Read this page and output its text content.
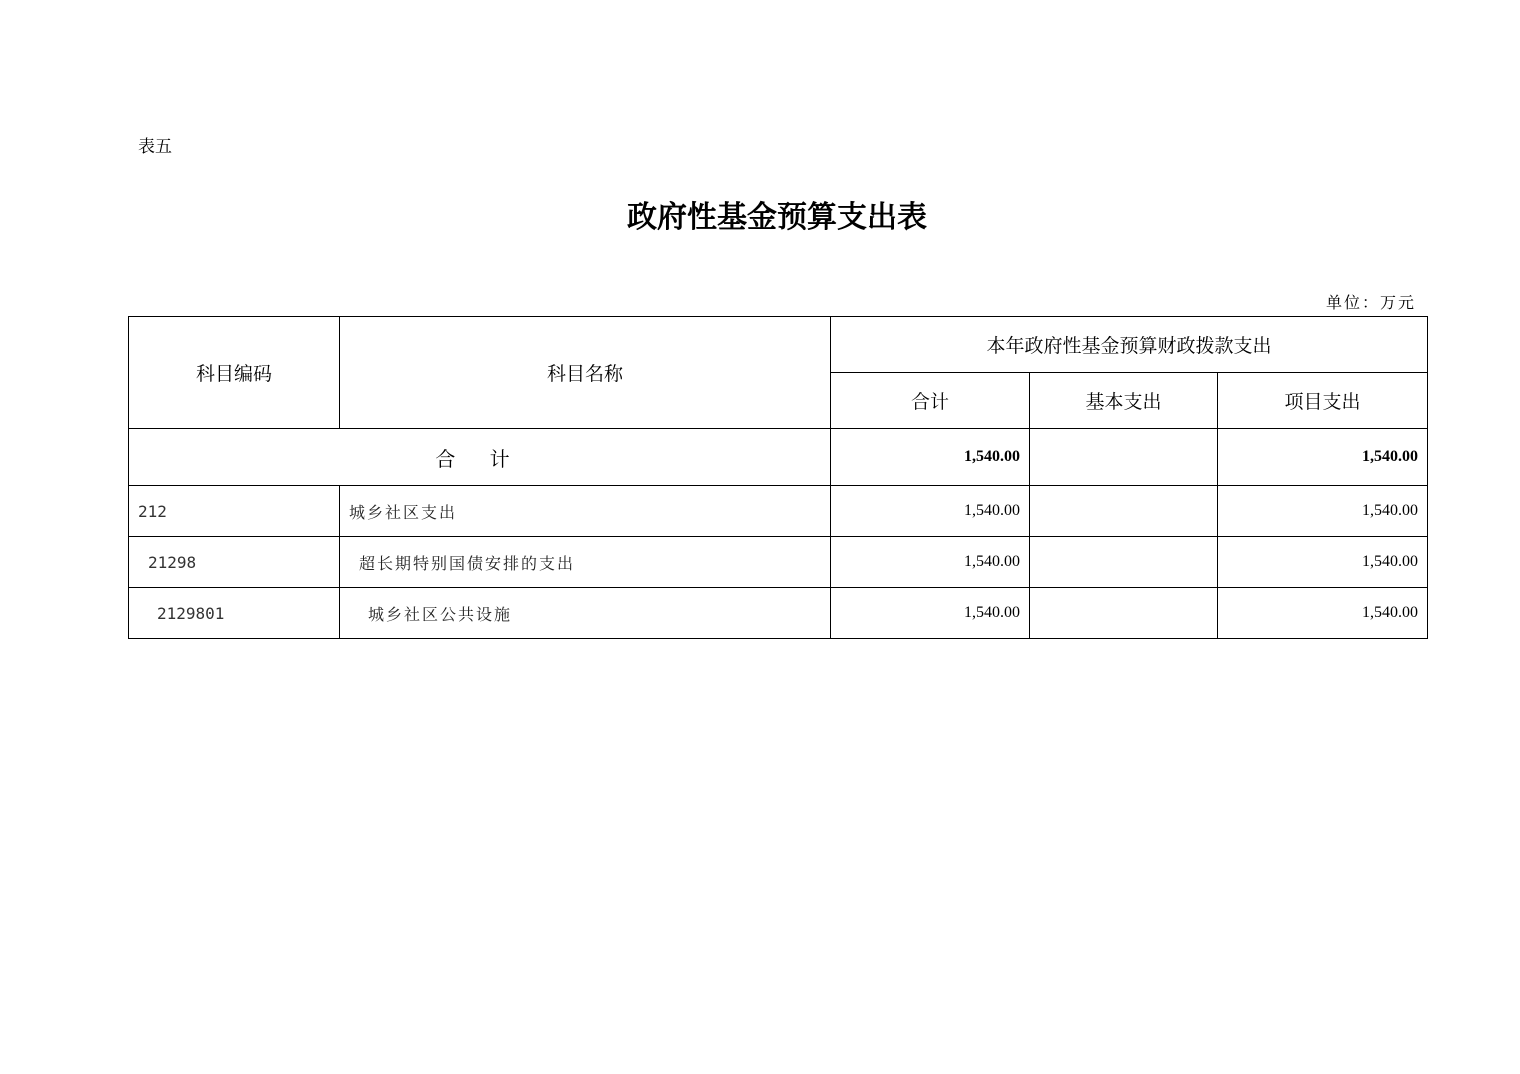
表五
政府性基金预算支出表
单位：万元
科目编码	科目名称	本年政府性基金预算财政拨款支出		
		合计	基本支出	项目支出
合 计		1,540.00		1,540.00
212	城乡社区支出	1,540.00		1,540.00
21298	超长期特别国债安排的支出	1,540.00		1,540.00
2129801	城乡社区公共设施	1,540.00		1,540.00
